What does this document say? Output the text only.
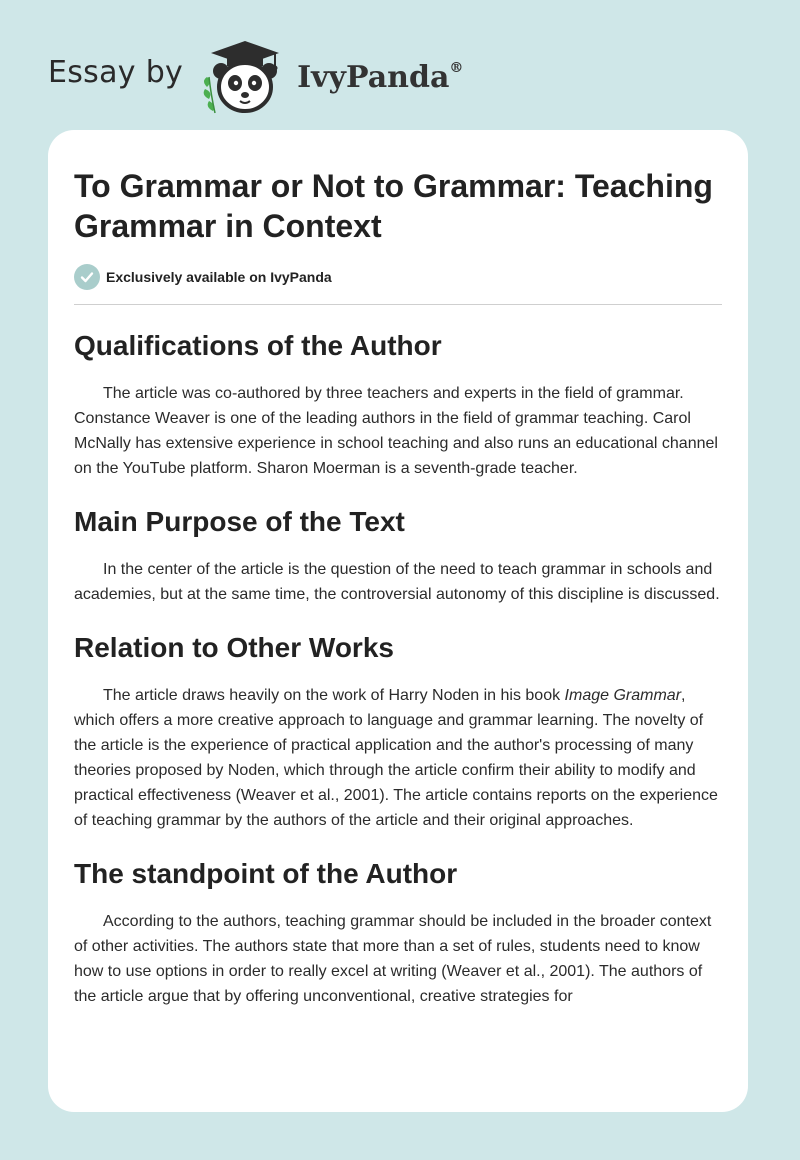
Essay by	IvyPanda®
To Grammar or Not to Grammar: Teaching Grammar in Context
Exclusively available on IvyPanda
Qualifications of the Author

The article was co-authored by three teachers and experts in the field of grammar. Constance Weaver is one of the leading authors in the field of grammar teaching. Carol McNally has extensive experience in school teaching and also runs an educational channel on the YouTube platform. Sharon Moerman is a seventh-grade teacher.

Main Purpose of the Text

In the center of the article is the question of the need to teach grammar in schools and academies, but at the same time, the controversial autonomy of this discipline is discussed.

Relation to Other Works

The article draws heavily on the work of Harry Noden in his book Image Grammar, which offers a more creative approach to language and grammar learning. The novelty of the article is the experience of practical application and the author's processing of many theories proposed by Noden, which through the article confirm their ability to modify and practical effectiveness (Weaver et al., 2001). The article contains reports on the experience of teaching grammar by the authors of the article and their original approaches.

The standpoint of the Author

According to the authors, teaching grammar should be included in the broader context of other activities. The authors state that more than a set of rules, students need to know how to use options in order to really excel at writing (Weaver et al., 2001). The authors of the article argue that by offering unconventional, creative strategies for
